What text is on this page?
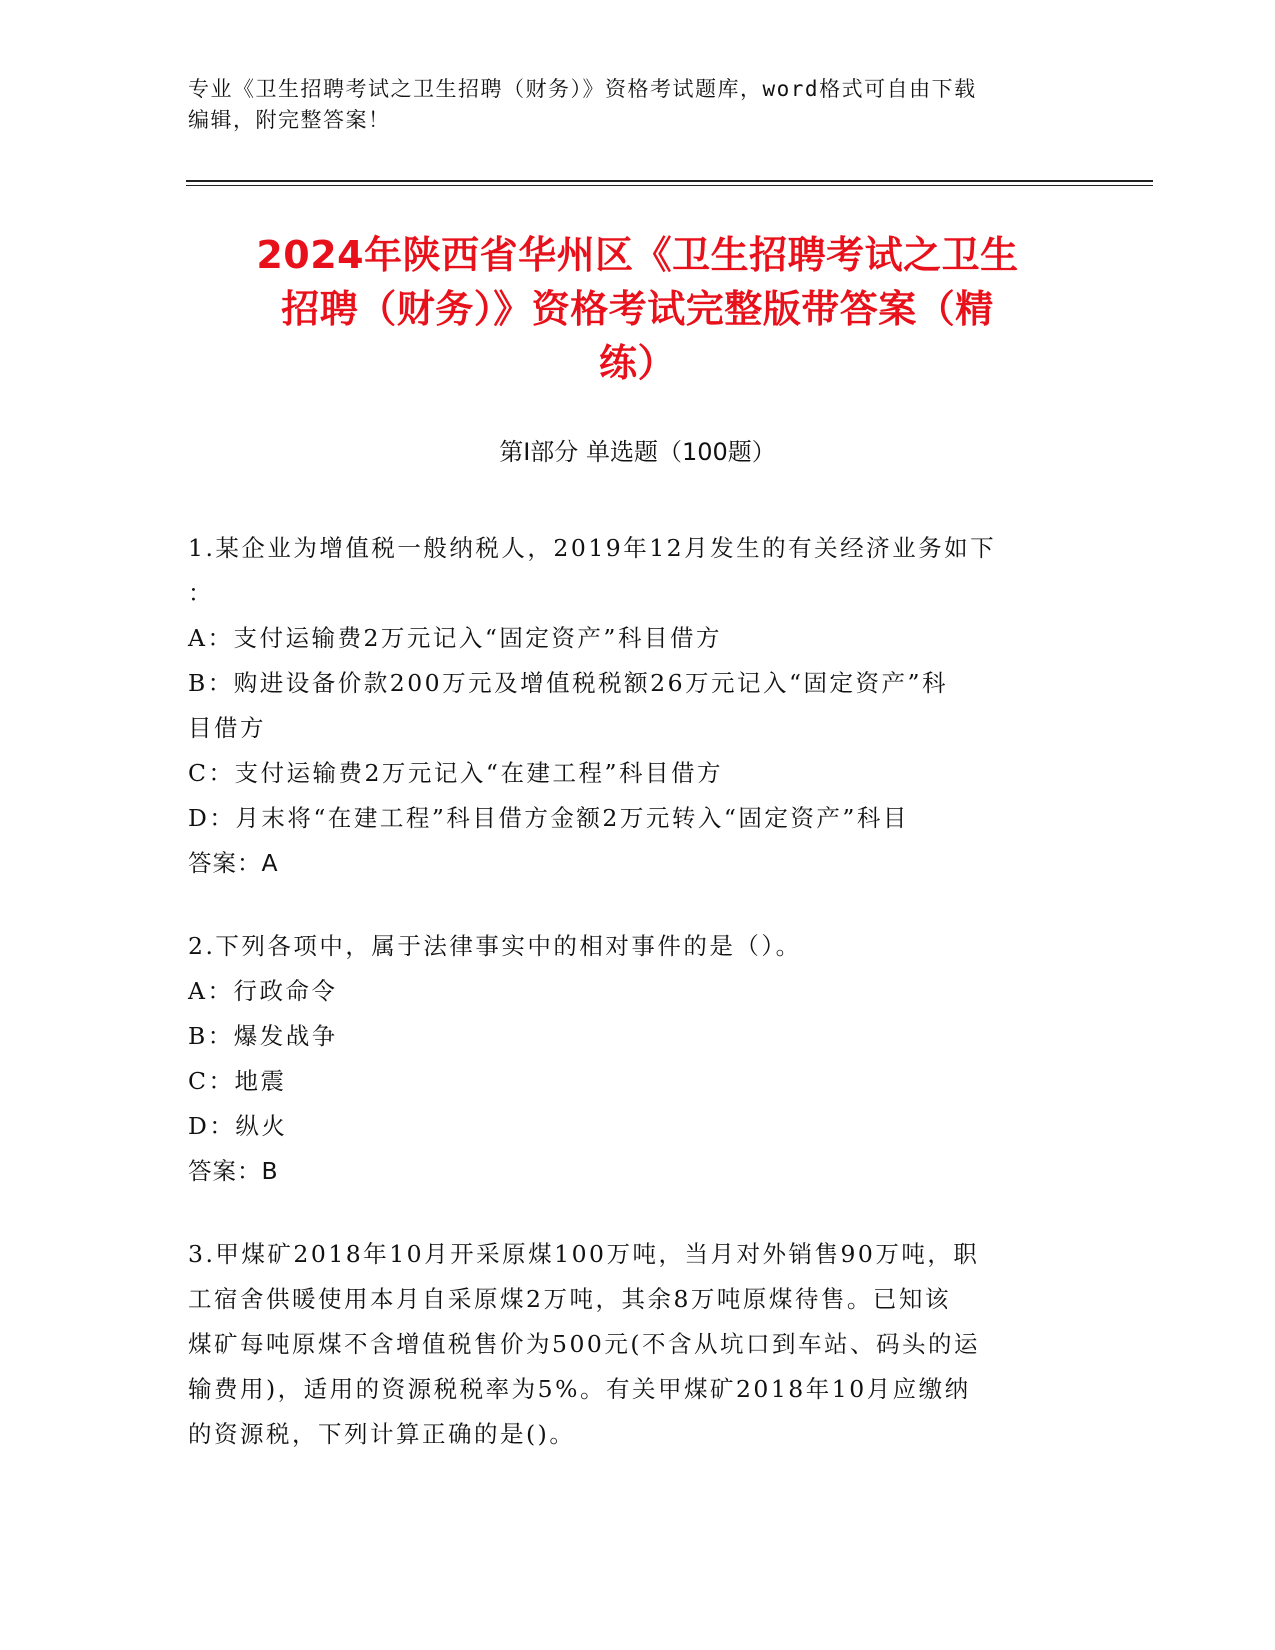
专业《卫生招聘考试之卫生招聘（财务）》资格考试题库，word格式可自由下载
编辑，附完整答案！
2024年陕西省华州区《卫生招聘考试之卫生
招聘（财务）》资格考试完整版带答案（精
练）
第I部分 单选题（100题）
1.某企业为增值税一般纳税人，2019年12月发生的有关经济业务如下
：
A：支付运输费2万元记入“固定资产”科目借方
B：购进设备价款200万元及增值税税额26万元记入“固定资产”科
目借方
C：支付运输费2万元记入“在建工程”科目借方
D：月末将“在建工程”科目借方金额2万元转入“固定资产”科目
答案：A
2.下列各项中，属于法律事实中的相对事件的是（）。
A：行政命令
B：爆发战争
C：地震
D：纵火
答案：B
3.甲煤矿2018年10月开采原煤100万吨，当月对外销售90万吨，职
工宿舍供暖使用本月自采原煤2万吨，其余8万吨原煤待售。已知该
煤矿每吨原煤不含增值税售价为500元(不含从坑口到车站、码头的运
输费用)，适用的资源税税率为5%。有关甲煤矿2018年10月应缴纳
的资源税，下列计算正确的是()。
